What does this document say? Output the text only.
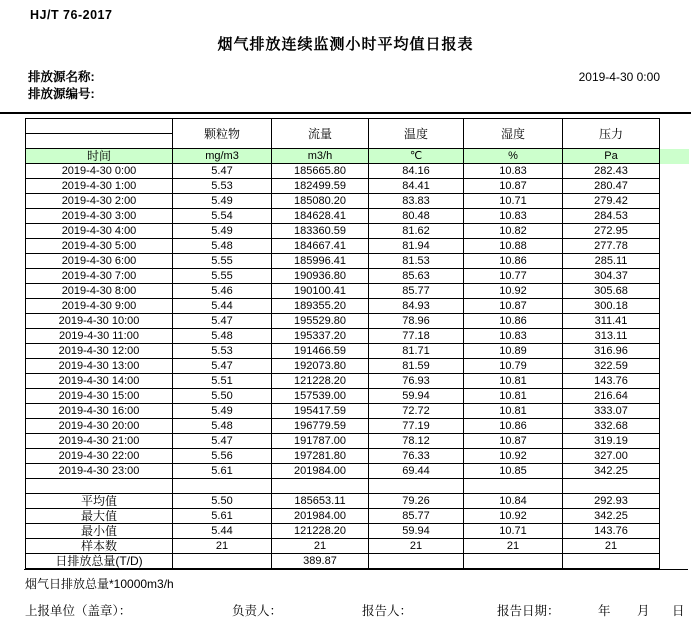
HJ/T 76-2017
烟气排放连续监测小时平均值日报表
排放源名称:	2019-4-30 0:00
排放源编号:
	颗粒物	流量	温度	湿度	压力

时间	mg/m3	m3/h	℃	%	Pa
2019-4-30 0:00	5.47	185665.80	84.16	10.83	282.43
2019-4-30 1:00	5.53	182499.59	84.41	10.87	280.47
2019-4-30 2:00	5.49	185080.20	83.83	10.71	279.42
2019-4-30 3:00	5.54	184628.41	80.48	10.83	284.53
2019-4-30 4:00	5.49	183360.59	81.62	10.82	272.95
2019-4-30 5:00	5.48	184667.41	81.94	10.88	277.78
2019-4-30 6:00	5.55	185996.41	81.53	10.86	285.11
2019-4-30 7:00	5.55	190936.80	85.63	10.77	304.37
2019-4-30 8:00	5.46	190100.41	85.77	10.92	305.68
2019-4-30 9:00	5.44	189355.20	84.93	10.87	300.18
2019-4-30 10:00	5.47	195529.80	78.96	10.86	311.41
2019-4-30 11:00	5.48	195337.20	77.18	10.83	313.11
2019-4-30 12:00	5.53	191466.59	81.71	10.89	316.96
2019-4-30 13:00	5.47	192073.80	81.59	10.79	322.59
2019-4-30 14:00	5.51	121228.20	76.93	10.81	143.76
2019-4-30 15:00	5.50	157539.00	59.94	10.81	216.64
2019-4-30 16:00	5.49	195417.59	72.72	10.81	333.07
2019-4-30 20:00	5.48	196779.59	77.19	10.86	332.68
2019-4-30 21:00	5.47	191787.00	78.12	10.87	319.19
2019-4-30 22:00	5.56	197281.80	76.33	10.92	327.00
2019-4-30 23:00	5.61	201984.00	69.44	10.85	342.25

平均值	5.50	185653.11	79.26	10.84	292.93
最大值	5.61	201984.00	85.77	10.92	342.25
最小值	5.44	121228.20	59.94	10.71	143.76
样本数	21	21	21	21	21
日排放总量(T/D)		389.87			
烟气日排放总量*10000m3/h
上报单位（盖章）：	负责人：	报告人：	报告日期：	年 月 日
